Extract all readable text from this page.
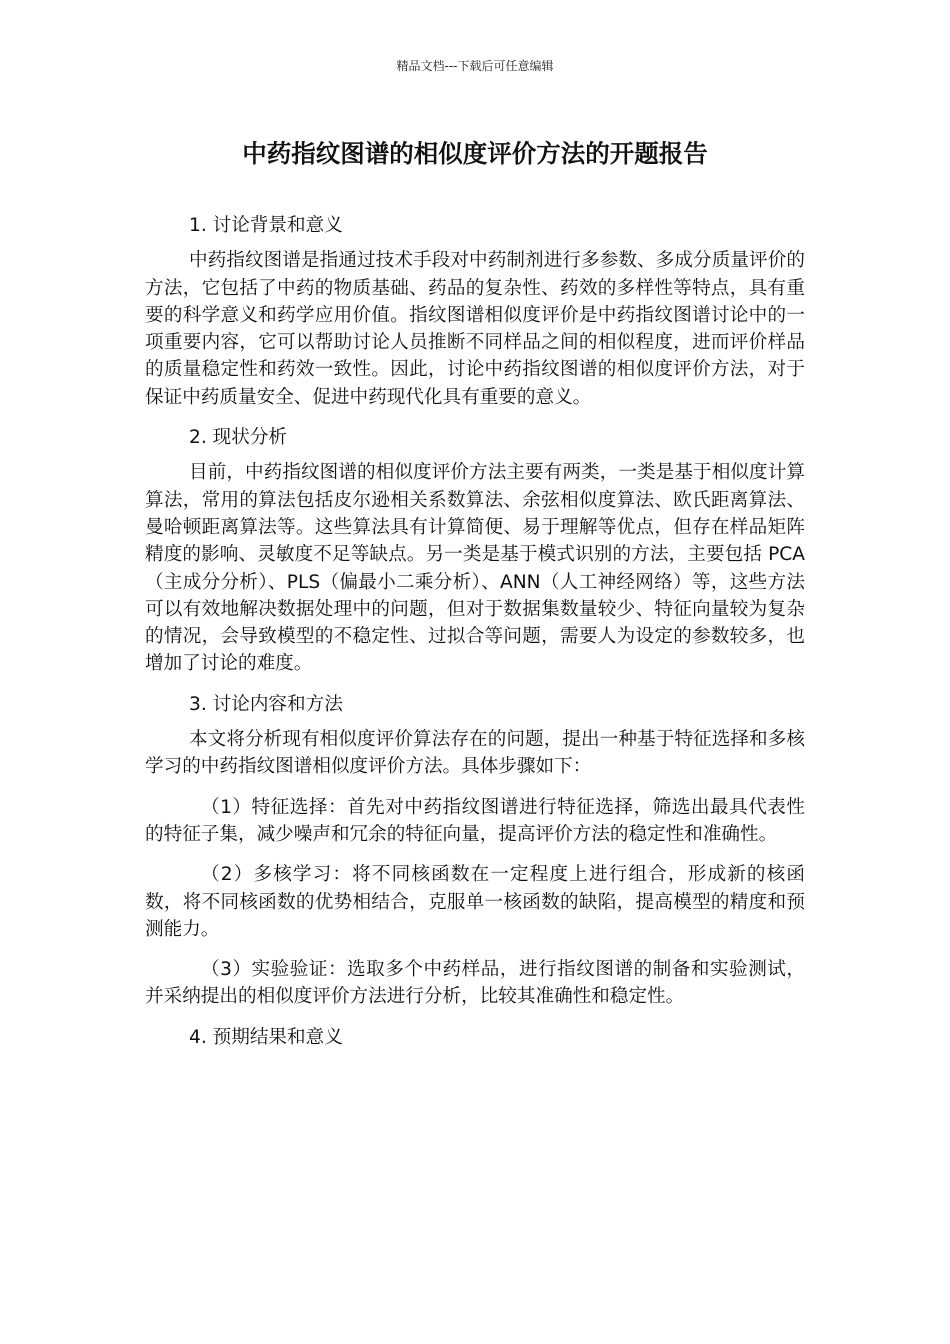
精品文档---下载后可任意编辑
中药指纹图谱的相似度评价方法的开题报告
1. 讨论背景和意义

中药指纹图谱是指通过技术手段对中药制剂进行多参数、多成分质量评价的方法，它包括了中药的物质基础、药品的复杂性、药效的多样性等特点，具有重要的科学意义和药学应用价值。指纹图谱相似度评价是中药指纹图谱讨论中的一项重要内容，它可以帮助讨论人员推断不同样品之间的相似程度，进而评价样品的质量稳定性和药效一致性。因此，讨论中药指纹图谱的相似度评价方法，对于保证中药质量安全、促进中药现代化具有重要的意义。

2. 现状分析

目前，中药指纹图谱的相似度评价方法主要有两类，一类是基于相似度计算算法，常用的算法包括皮尔逊相关系数算法、余弦相似度算法、欧氏距离算法、曼哈顿距离算法等。这些算法具有计算简便、易于理解等优点，但存在样品矩阵精度的影响、灵敏度不足等缺点。另一类是基于模式识别的方法，主要包括 PCA（主成分分析）、PLS（偏最小二乘分析）、ANN（人工神经网络）等，这些方法可以有效地解决数据处理中的问题，但对于数据集数量较少、特征向量较为复杂的情况，会导致模型的不稳定性、过拟合等问题，需要人为设定的参数较多，也增加了讨论的难度。

3. 讨论内容和方法

本文将分析现有相似度评价算法存在的问题，提出一种基于特征选择和多核学习的中药指纹图谱相似度评价方法。具体步骤如下：

（1）特征选择：首先对中药指纹图谱进行特征选择，筛选出最具代表性的特征子集，减少噪声和冗余的特征向量，提高评价方法的稳定性和准确性。

（2）多核学习：将不同核函数在一定程度上进行组合，形成新的核函数，将不同核函数的优势相结合，克服单一核函数的缺陷，提高模型的精度和预测能力。

（3）实验验证：选取多个中药样品，进行指纹图谱的制备和实验测试，并采纳提出的相似度评价方法进行分析，比较其准确性和稳定性。

4. 预期结果和意义
